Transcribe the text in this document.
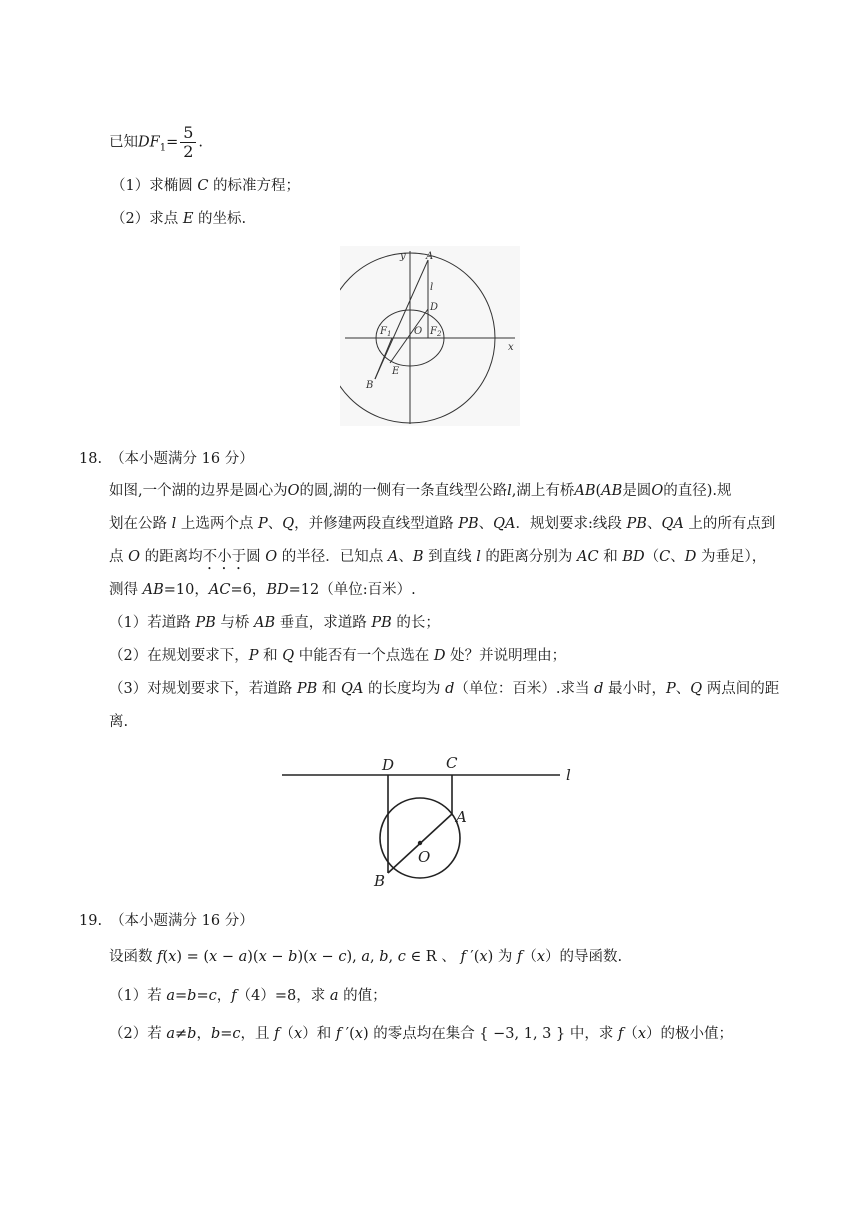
已知$DF_1= \frac{5}{2}$ .
（1）求椭圆 C 的标准方程；
（2）求点 E 的坐标.
y
x
A
l
D
F 1 O F 2
E
B
18. （本小题满分 16 分）
如图,一个湖的边界是圆心为O的圆,湖的一侧有一条直线型公路l,湖上有桥AB(AB是圆O的直径).规
划在公路 l 上选两个点 P、Q，并修建两段直线型道路 PB、QA．规划要求:线段 PB、QA 上的所有点到
点 O 的距离均不小于圆 O 的半径．已知点 A、B 到直线 l 的距离分别为 AC 和 BD（C、D 为垂足），
测得 AB=10，AC=6，BD=12（单位:百米）.
（1）若道路 PB 与桥 AB 垂直，求道路 PB 的长；
（2）在规划要求下，P 和 Q 中能否有一个点选在 D 处？并说明理由；
（3）对规划要求下，若道路 PB 和 QA 的长度均为 d（单位：百米）.求当 d 最小时，P、Q 两点间的距
离.
D	C
l
A
O
B
19. （本小题满分 16 分）
设函数 f(x) = (x − a)(x − b)(x − c), a, b, c ∈ R 、 f ′(x) 为 f（x）的导函数.
（1）若 a=b=c，f（4）=8，求 a 的值；
（2）若 a≠b，b=c，且 f（x）和 f ′(x) 的零点均在集合 { −3, 1, 3 } 中，求 f（x）的极小值；
